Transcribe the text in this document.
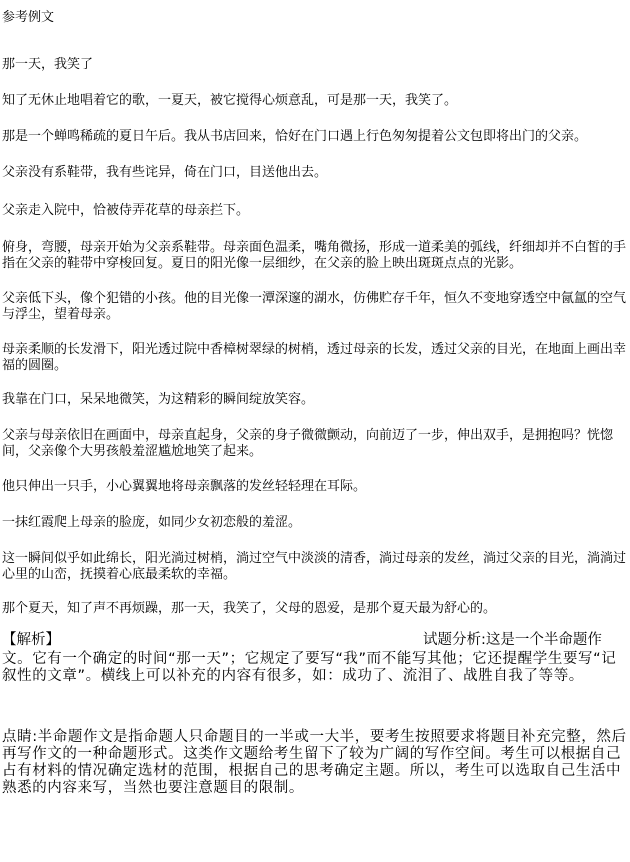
参考例文
那一天，我笑了
知了无休止地唱着它的歌，一夏天，被它搅得心烦意乱，可是那一天，我笑了。
那是一个蝉鸣稀疏的夏日午后。我从书店回来，恰好在门口遇上行色匆匆提着公文包即将出门的父亲。
父亲没有系鞋带，我有些诧异，倚在门口，目送他出去。
父亲走入院中，恰被侍弄花草的母亲拦下。
俯身，弯腰，母亲开始为父亲系鞋带。母亲面色温柔，嘴角微扬，形成一道柔美的弧线，纤细却并不白皙的手指在父亲的鞋带中穿梭回复。夏日的阳光像一层细纱，在父亲的脸上映出斑斑点点的光影。
父亲低下头，像个犯错的小孩。他的目光像一潭深邃的湖水，仿佛贮存千年，恒久不变地穿透空中氤氲的空气与浮尘，望着母亲。
母亲柔顺的长发滑下，阳光透过院中香樟树翠绿的树梢，透过母亲的长发，透过父亲的目光，在地面上画出幸福的圆圈。
我靠在门口，呆呆地微笑，为这精彩的瞬间绽放笑容。
父亲与母亲依旧在画面中，母亲直起身，父亲的身子微微颤动，向前迈了一步，伸出双手，是拥抱吗？恍惚间，父亲像个大男孩般羞涩尴尬地笑了起来。
他只伸出一只手，小心翼翼地将母亲飘落的发丝轻轻理在耳际。
一抹红霞爬上母亲的脸庞，如同少女初恋般的羞涩。
这一瞬间似乎如此绵长，阳光淌过树梢，淌过空气中淡淡的清香，淌过母亲的发丝，淌过父亲的目光，淌淌过心里的山峦，抚摸着心底最柔软的幸福。
那个夏天，知了声不再烦躁，那一天，我笑了，父母的恩爱，是那个夏天最为舒心的。
【解析】	试题分析:这是一个半命题作
文。它有一个确定的时间“那一天”；它规定了要写“我”而不能写其他；它还提醒学生要写“记叙性的文章”。横线上可以补充的内容有很多，如：成功了、流泪了、战胜自我了等等。
点睛:半命题作文是指命题人只命题目的一半或一大半，要考生按照要求将题目补充完整，然后再写作文的一种命题形式。这类作文题给考生留下了较为广阔的写作空间。考生可以根据自己占有材料的情况确定选材的范围，根据自己的思考确定主题。所以，考生可以选取自己生活中熟悉的内容来写，当然也要注意题目的限制。
